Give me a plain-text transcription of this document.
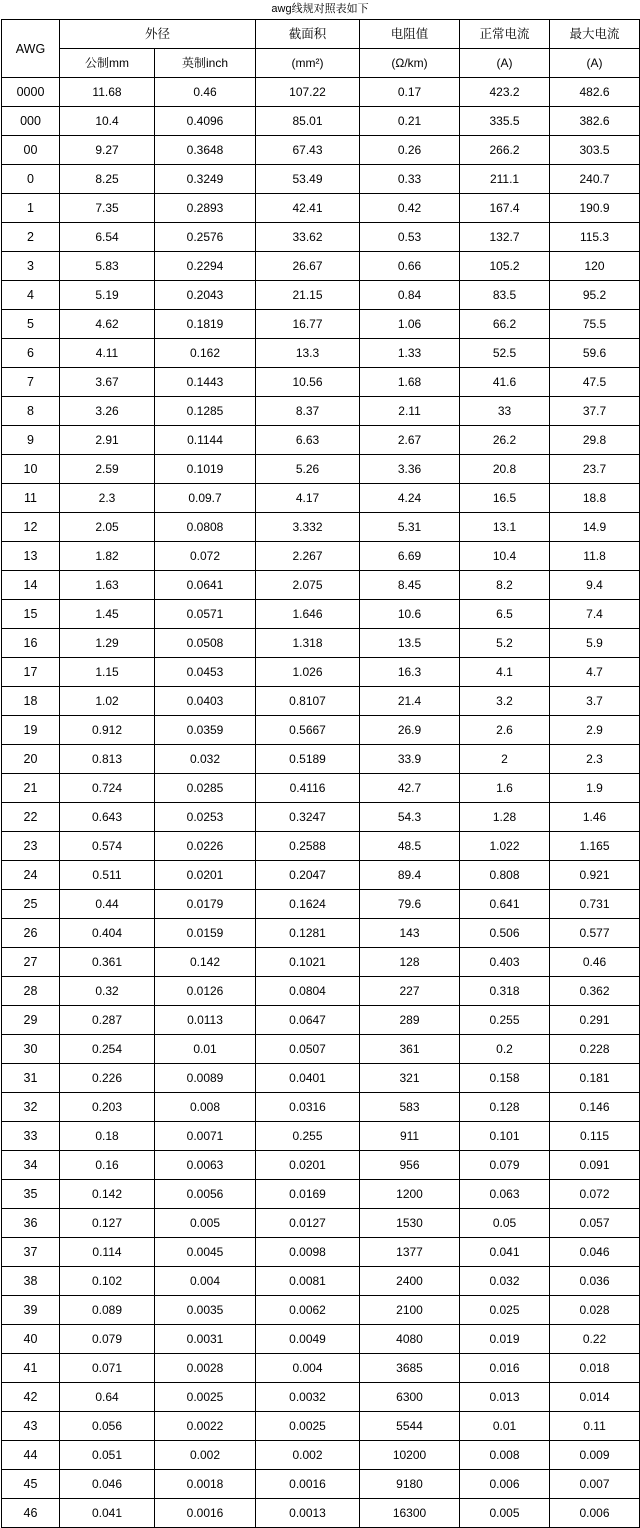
awg线规对照表如下
AWG	外径		截面积	电阻值	正常电流	最大电流
	公制mm	英制inch	(mm²)	(Ω/km)	(A)	(A)
0000	11.68	0.46	107.22	0.17	423.2	482.6
000	10.4	0.4096	85.01	0.21	335.5	382.6
00	9.27	0.3648	67.43	0.26	266.2	303.5
0	8.25	0.3249	53.49	0.33	211.1	240.7
1	7.35	0.2893	42.41	0.42	167.4	190.9
2	6.54	0.2576	33.62	0.53	132.7	115.3
3	5.83	0.2294	26.67	0.66	105.2	120
4	5.19	0.2043	21.15	0.84	83.5	95.2
5	4.62	0.1819	16.77	1.06	66.2	75.5
6	4.11	0.162	13.3	1.33	52.5	59.6
7	3.67	0.1443	10.56	1.68	41.6	47.5
8	3.26	0.1285	8.37	2.11	33	37.7
9	2.91	0.1144	6.63	2.67	26.2	29.8
10	2.59	0.1019	5.26	3.36	20.8	23.7
11	2.3	0.09.7	4.17	4.24	16.5	18.8
12	2.05	0.0808	3.332	5.31	13.1	14.9
13	1.82	0.072	2.267	6.69	10.4	11.8
14	1.63	0.0641	2.075	8.45	8.2	9.4
15	1.45	0.0571	1.646	10.6	6.5	7.4
16	1.29	0.0508	1.318	13.5	5.2	5.9
17	1.15	0.0453	1.026	16.3	4.1	4.7
18	1.02	0.0403	0.8107	21.4	3.2	3.7
19	0.912	0.0359	0.5667	26.9	2.6	2.9
20	0.813	0.032	0.5189	33.9	2	2.3
21	0.724	0.0285	0.4116	42.7	1.6	1.9
22	0.643	0.0253	0.3247	54.3	1.28	1.46
23	0.574	0.0226	0.2588	48.5	1.022	1.165
24	0.511	0.0201	0.2047	89.4	0.808	0.921
25	0.44	0.0179	0.1624	79.6	0.641	0.731
26	0.404	0.0159	0.1281	143	0.506	0.577
27	0.361	0.142	0.1021	128	0.403	0.46
28	0.32	0.0126	0.0804	227	0.318	0.362
29	0.287	0.0113	0.0647	289	0.255	0.291
30	0.254	0.01	0.0507	361	0.2	0.228
31	0.226	0.0089	0.0401	321	0.158	0.181
32	0.203	0.008	0.0316	583	0.128	0.146
33	0.18	0.0071	0.255	911	0.101	0.115
34	0.16	0.0063	0.0201	956	0.079	0.091
35	0.142	0.0056	0.0169	1200	0.063	0.072
36	0.127	0.005	0.0127	1530	0.05	0.057
37	0.114	0.0045	0.0098	1377	0.041	0.046
38	0.102	0.004	0.0081	2400	0.032	0.036
39	0.089	0.0035	0.0062	2100	0.025	0.028
40	0.079	0.0031	0.0049	4080	0.019	0.22
41	0.071	0.0028	0.004	3685	0.016	0.018
42	0.64	0.0025	0.0032	6300	0.013	0.014
43	0.056	0.0022	0.0025	5544	0.01	0.11
44	0.051	0.002	0.002	10200	0.008	0.009
45	0.046	0.0018	0.0016	9180	0.006	0.007
46	0.041	0.0016	0.0013	16300	0.005	0.006
